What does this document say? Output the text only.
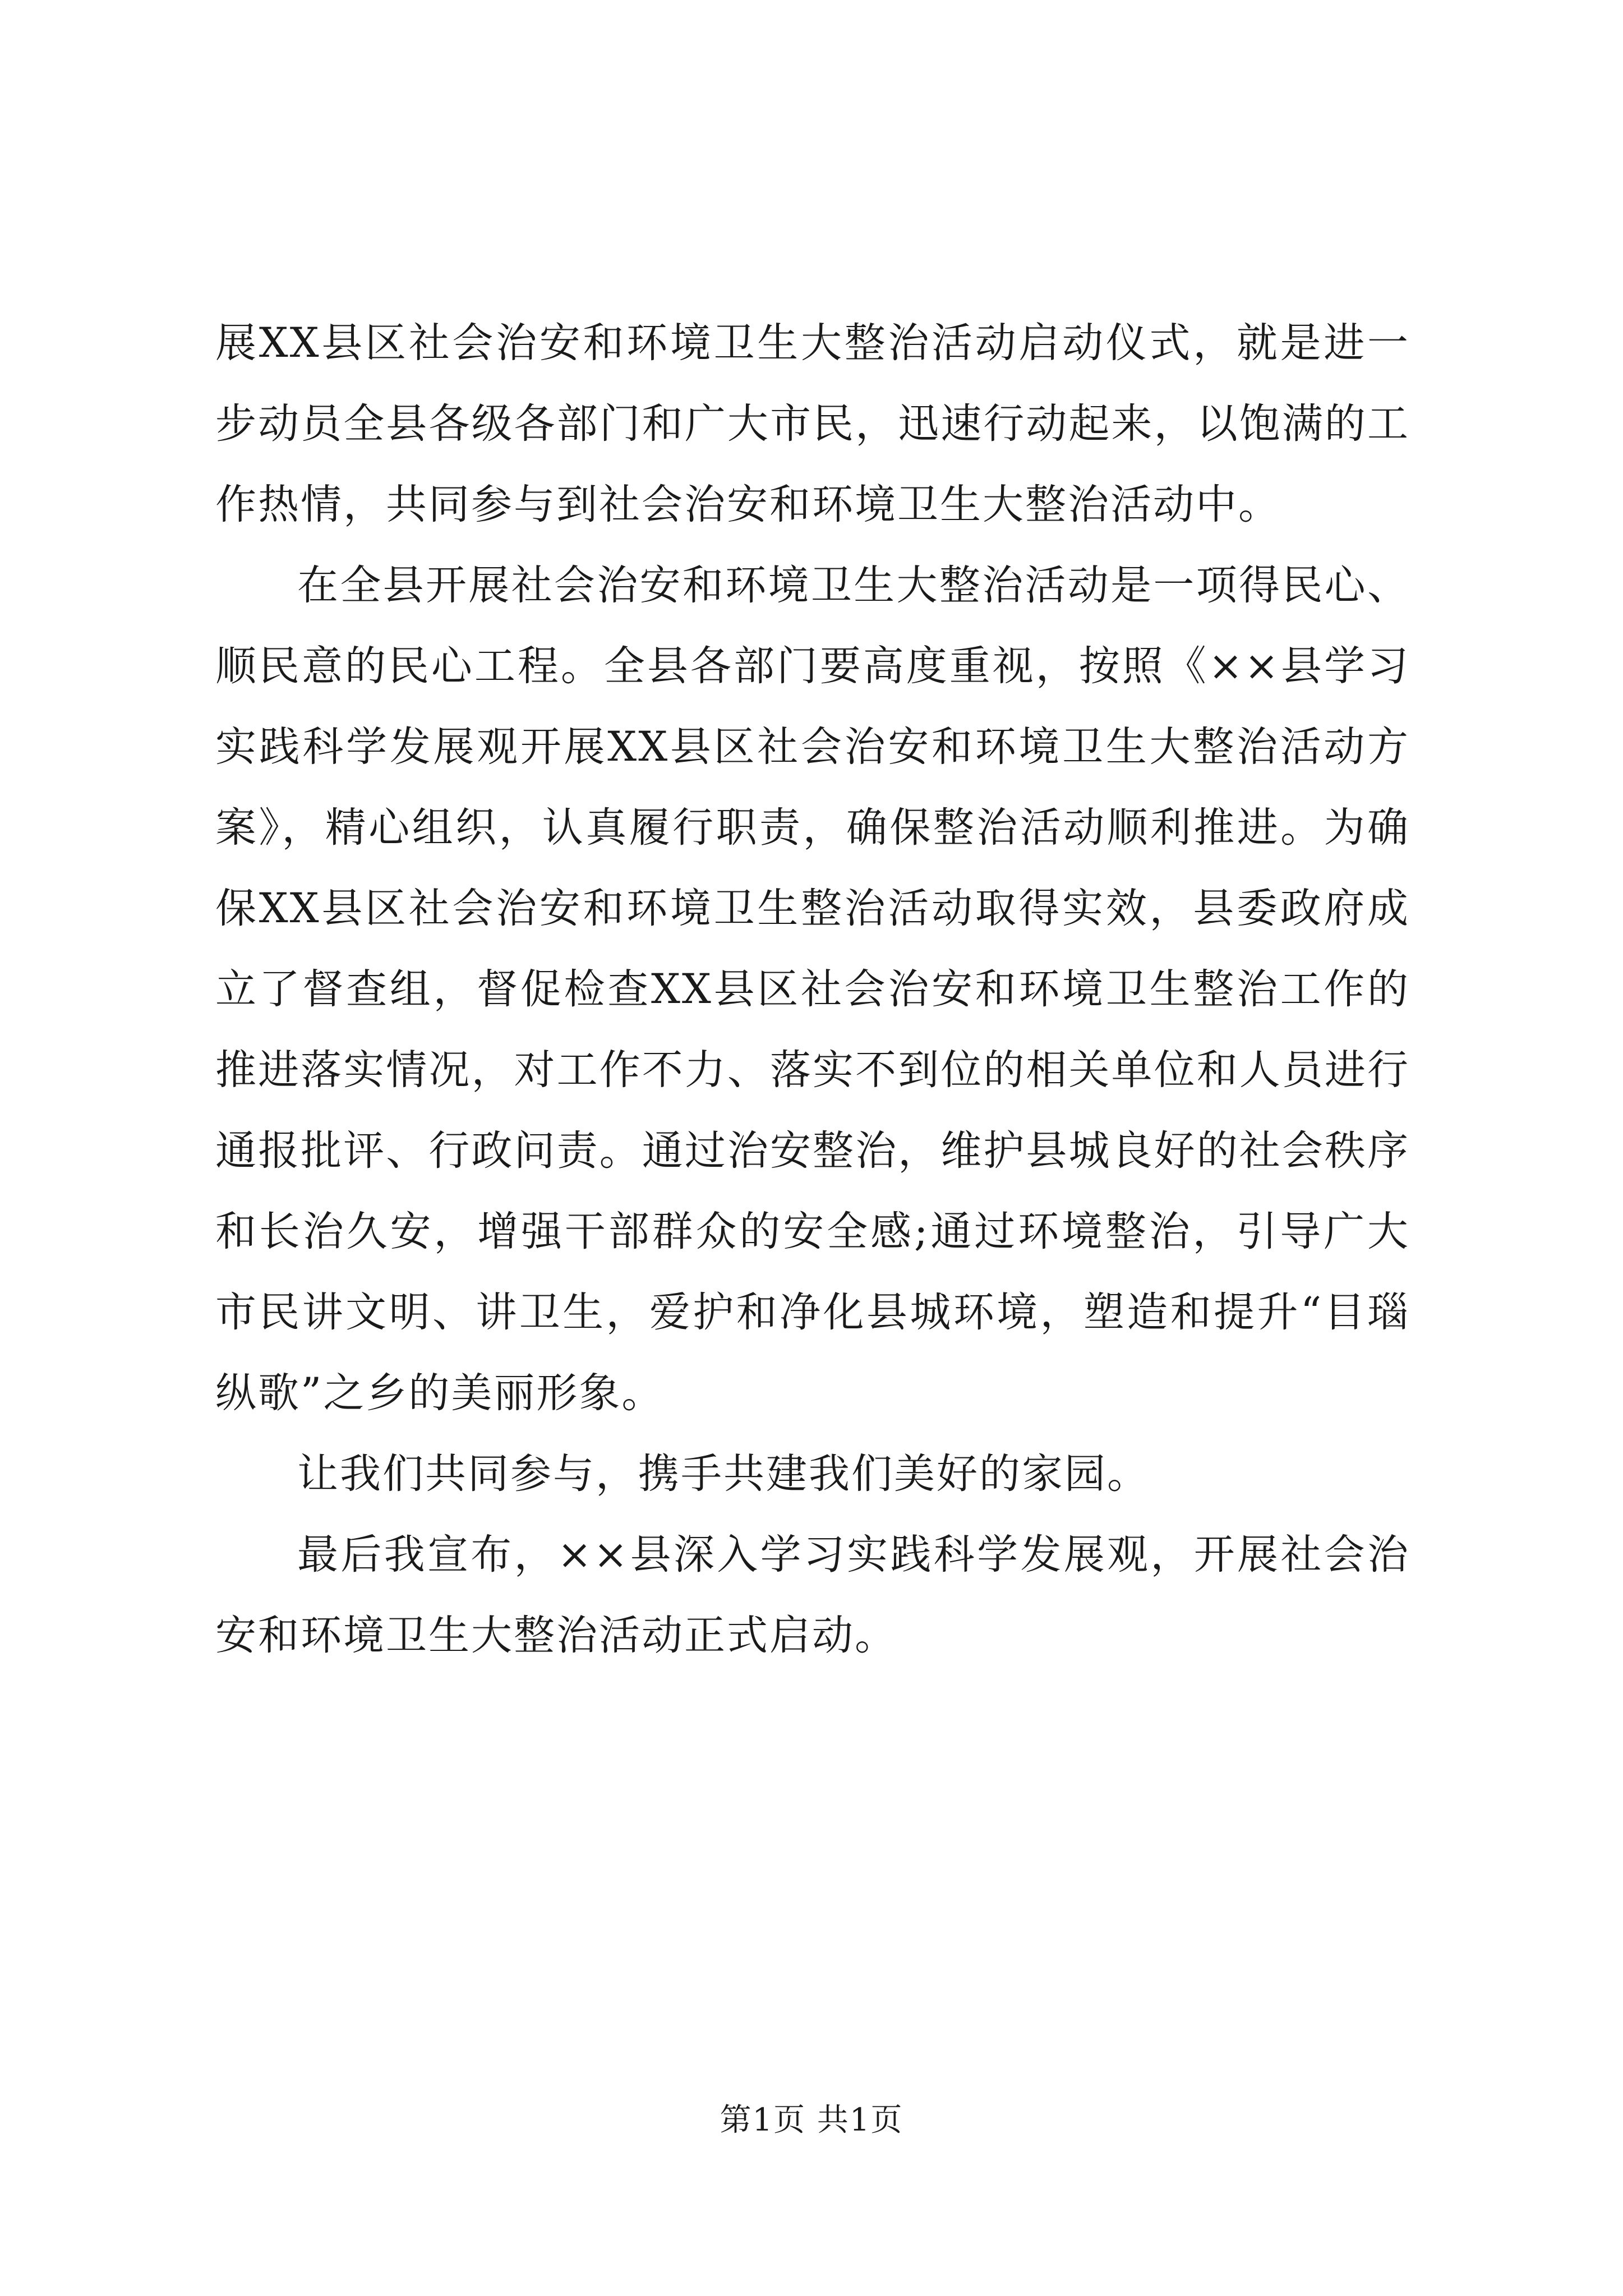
展XX县区社会治安和环境卫生大整治活动启动仪式，就是进一步动员全县各级各部门和广大市民，迅速行动起来，以饱满的工作热情，共同参与到社会治安和环境卫生大整治活动中。

在全县开展社会治安和环境卫生大整治活动是一项得民心、顺民意的民心工程。全县各部门要高度重视，按照《××县学习实践科学发展观开展XX县区社会治安和环境卫生大整治活动方案》，精心组织，认真履行职责，确保整治活动顺利推进。为确保XX县区社会治安和环境卫生整治活动取得实效，县委政府成立了督查组，督促检查XX县区社会治安和环境卫生整治工作的推进落实情况，对工作不力、落实不到位的相关单位和人员进行通报批评、行政问责。通过治安整治，维护县城良好的社会秩序和长治久安，增强干部群众的安全感;通过环境整治，引导广大市民讲文明、讲卫生，爱护和净化县城环境，塑造和提升“目瑙纵歌”之乡的美丽形象。

让我们共同参与，携手共建我们美好的家园。

最后我宣布，××县深入学习实践科学发展观，开展社会治安和环境卫生大整治活动正式启动。

第1页 共1页
